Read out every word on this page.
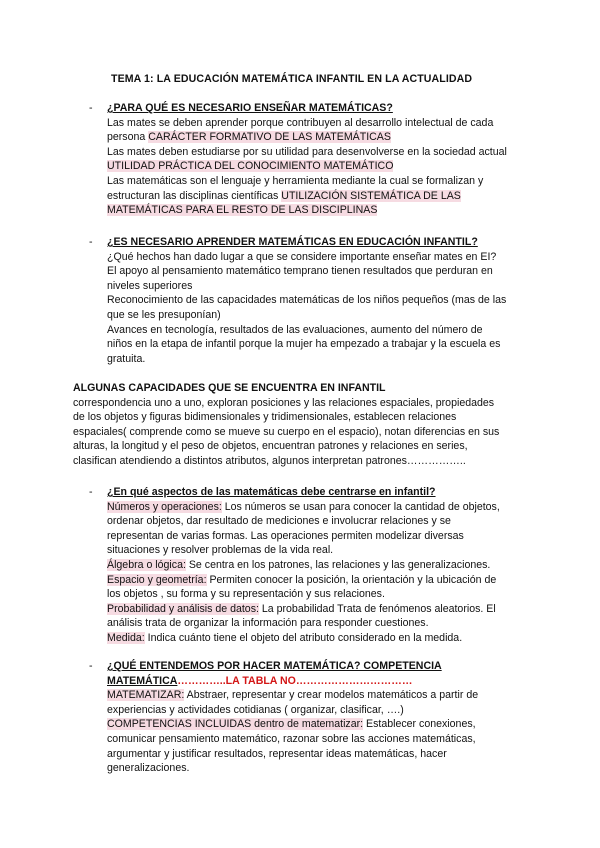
TEMA 1: LA EDUCACIÓN MATEMÁTICA INFANTIL EN LA ACTUALIDAD
-	¿PARA QUÉ ES NECESARIO ENSEÑAR MATEMÁTICAS?

Las mates se deben aprender porque contribuyen al desarrollo intelectual de cada

persona CARÁCTER FORMATIVO DE LAS MATEMÁTICAS

Las mates deben estudiarse por su utilidad para desenvolverse en la sociedad actual

UTILIDAD PRÁCTICA DEL CONOCIMIENTO MATEMÁTICO

Las matemáticas son el lenguaje y herramienta mediante la cual se formalizan y

estructuran las disciplinas científicas UTILIZACIÓN SISTEMÁTICA DE LAS

MATEMÁTICAS PARA EL RESTO DE LAS DISCIPLINAS

-	¿ES NECESARIO APRENDER MATEMÁTICAS EN EDUCACIÓN INFANTIL?

¿Qué hechos han dado lugar a que se considere importante enseñar mates en EI?

El apoyo al pensamiento matemático temprano tienen resultados que perduran en

niveles superiores

Reconocimiento de las capacidades matemáticas de los niños pequeños (mas de las

que se les presuponían)

Avances en tecnología, resultados de las evaluaciones, aumento del número de

niños en la etapa de infantil porque la mujer ha empezado a trabajar y la escuela es

gratuita.

ALGUNAS CAPACIDADES QUE SE ENCUENTRA EN INFANTIL
correspondencia uno a uno, exploran posiciones y las relaciones espaciales, propiedades
de los objetos y figuras bidimensionales y tridimensionales, establecen relaciones
espaciales( comprende como se mueve su cuerpo en el espacio), notan diferencias en sus
alturas, la longitud y el peso de objetos, encuentran patrones y relaciones en series,
clasifican atendiendo a distintos atributos, algunos interpretan patrones……………..
-	¿En qué aspectos de las matemáticas debe centrarse en infantil?

Números y operaciones: Los números se usan para conocer la cantidad de objetos,

ordenar objetos, dar resultado de mediciones e involucrar relaciones y se

representan de varias formas. Las operaciones permiten modelizar diversas

situaciones y resolver problemas de la vida real.

Álgebra o lógica: Se centra en los patrones, las relaciones y las generalizaciones.

Espacio y geometría: Permiten conocer la posición, la orientación y la ubicación de

los objetos , su forma y su representación y sus relaciones.

Probabilidad y análisis de datos: La probabilidad Trata de fenómenos aleatorios. El

análisis trata de organizar la información para responder cuestiones.

Medida: Indica cuánto tiene el objeto del atributo considerado en la medida.

-	¿QUÉ ENTENDEMOS POR HACER MATEMÁTICA? COMPETENCIA
MATEMÁTICA…………..LA TABLA NO……………………………

MATEMATIZAR: Abstraer, representar y crear modelos matemáticos a partir de

experiencias y actividades cotidianas ( organizar, clasificar, ….)

COMPETENCIAS INCLUIDAS dentro de matematizar: Establecer conexiones,

comunicar pensamiento matemático, razonar sobre las acciones matemáticas,

argumentar y justificar resultados, representar ideas matemáticas, hacer

generalizaciones.
